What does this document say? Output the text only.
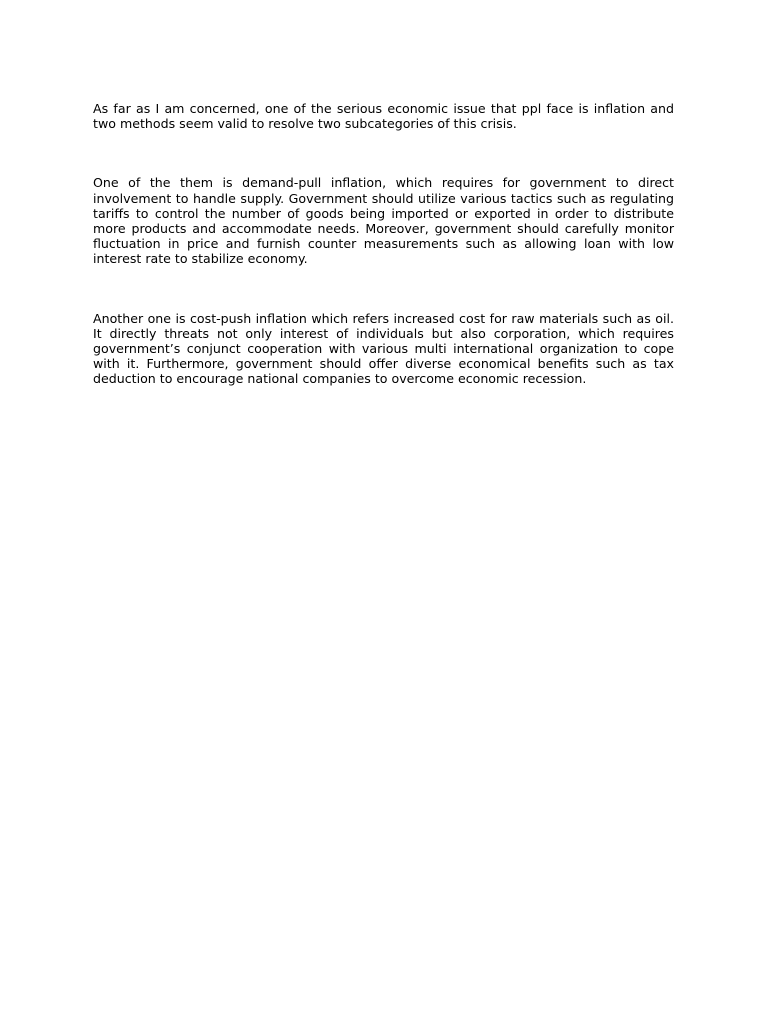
As far as I am concerned, one of the serious economic issue that ppl face is inflation and two methods seem valid to resolve two subcategories of this crisis.

One of the them is demand-pull inflation, which requires for government to direct involvement to handle supply. Government should utilize various tactics such as regulating tariffs to control the number of goods being imported or exported in order to distribute more products and accommodate needs. Moreover, government should carefully monitor fluctuation in price and furnish counter measurements such as allowing loan with low interest rate to stabilize economy.

Another one is cost-push inflation which refers increased cost for raw materials such as oil. It directly threats not only interest of individuals but also corporation, which requires government’s conjunct cooperation with various multi international organization to cope with it. Furthermore, government should offer diverse economical benefits such as tax deduction to encourage national companies to overcome economic recession.
